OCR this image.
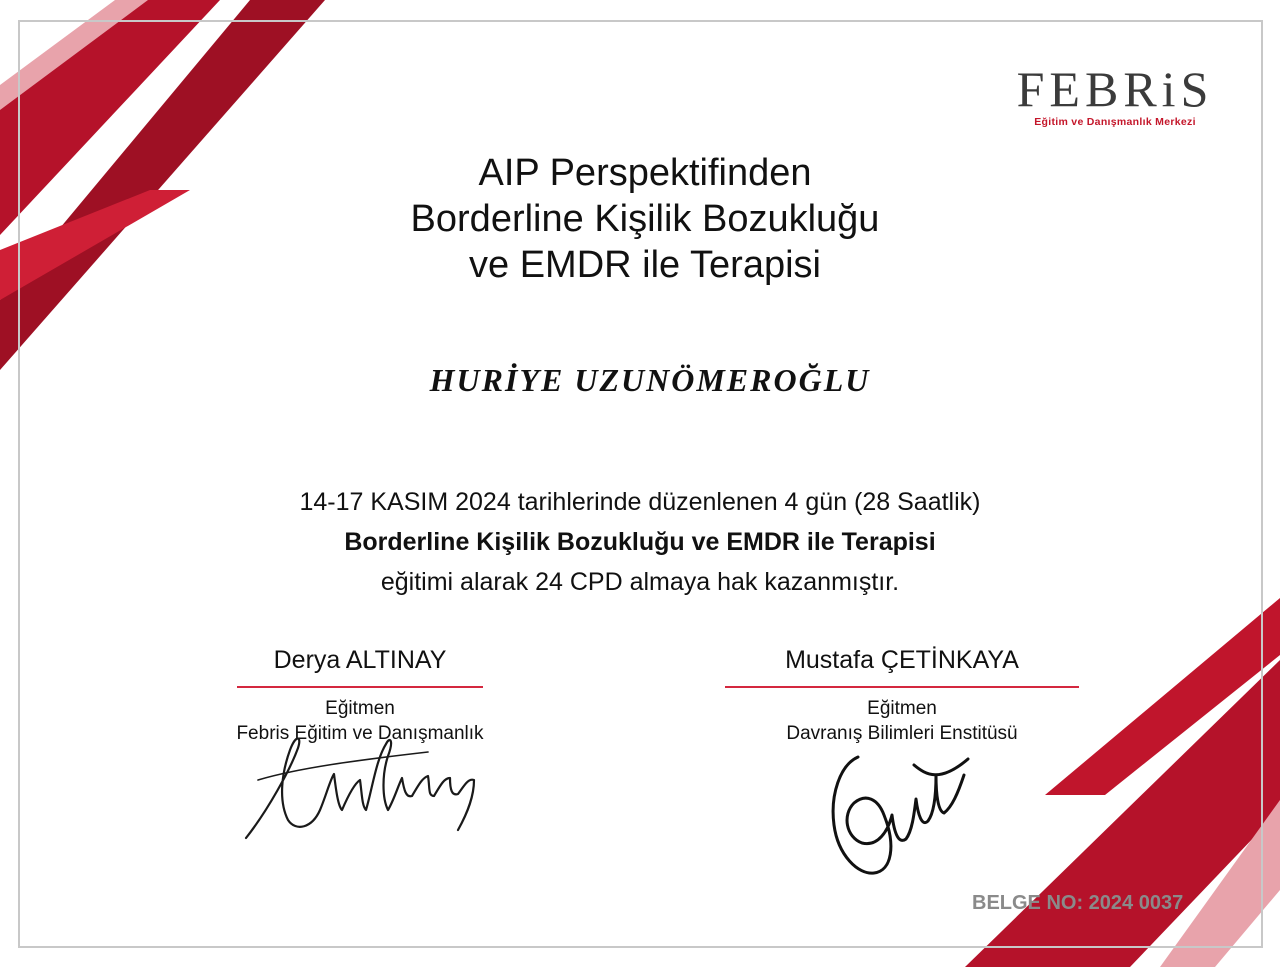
FEBRiS
Eğitim ve Danışmanlık Merkezi
AIP Perspektifinden
Borderline Kişilik Bozukluğu
ve EMDR ile Terapisi
HURİYE UZUNÖMEROĞLU
14-17 KASIM 2024 tarihlerinde düzenlenen 4 gün (28 Saatlik)
Borderline Kişilik Bozukluğu ve EMDR ile Terapisi
eğitimi alarak 24 CPD almaya hak kazanmıştır.
Derya ALTINAY
Eğitmen
Febris Eğitim ve Danışmanlık
Mustafa ÇETİNKAYA
Eğitmen
Davranış Bilimleri Enstitüsü
BELGE NO: 2024 0037
